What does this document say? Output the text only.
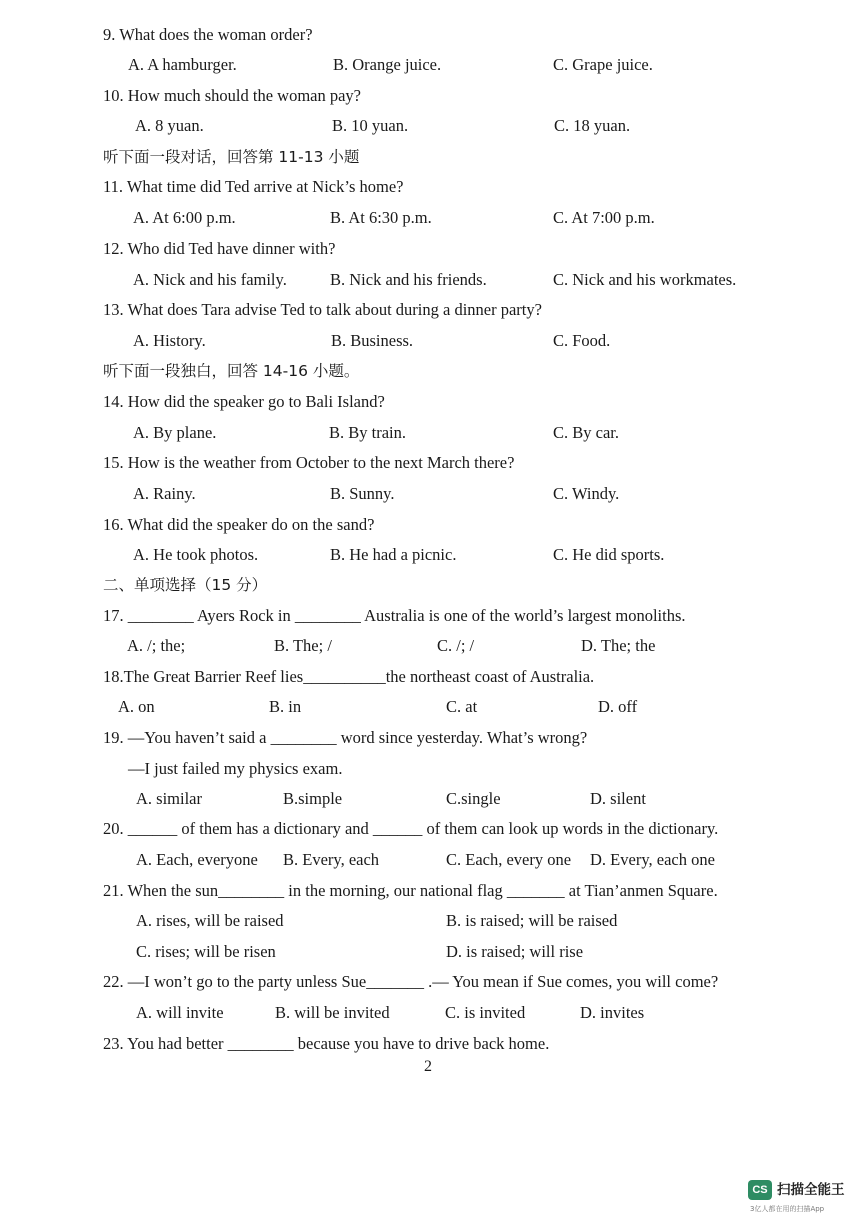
9. What does the woman order?
A. A hamburger.	B. Orange juice.	C. Grape juice.
10. How much should the woman pay?
A. 8 yuan.	B. 10 yuan.	C. 18 yuan.
听下面一段对话，回答第 11-13 小题
11. What time did Ted arrive at Nick’s home?
A. At 6:00 p.m.	B. At 6:30 p.m.	C. At 7:00 p.m.
12. Who did Ted have dinner with?
A. Nick and his family.	B. Nick and his friends.	C. Nick and his workmates.
13. What does Tara advise Ted to talk about during a dinner party?
A. History.	B. Business.	C. Food.
听下面一段独白，回答 14-16 小题。
14. How did the speaker go to Bali Island?
A. By plane.	B. By train.	C. By car.
15. How is the weather from October to the next March there?
A. Rainy.	B. Sunny.	C. Windy.
16. What did the speaker do on the sand?
A. He took photos.	B. He had a picnic.	C. He did sports.
二、单项选择（15 分）
17. ________ Ayers Rock in ________ Australia is one of the world’s largest monoliths.
A. /; the;	B. The; /	C. /; /	D. The; the
18.The Great Barrier Reef lies__________the northeast coast of Australia.
A. on	B. in	C. at	D. off
19. —You haven’t said a ________ word since yesterday. What’s wrong?
—I just failed my physics exam.
A. similar	B.simple	C.single	D. silent
20. ______ of them has a dictionary and ______ of them can look up words in the dictionary.
A. Each, everyone B. Every, each	C. Each, every one D. Every, each one
21. When the sun________ in the morning, our national flag _______ at Tian’anmen Square.
A. rises, will be raised	B. is raised; will be raised
C. rises; will be risen	D. is raised; will rise
22. —I won’t go to the party unless Sue_______ .— You mean if Sue comes, you will come?
A. will invite	B. will be invited	C. is invited	D. invites
23. You had better ________ because you have to drive back home.
2
CS 扫描全能王
3亿人都在用的扫描App
